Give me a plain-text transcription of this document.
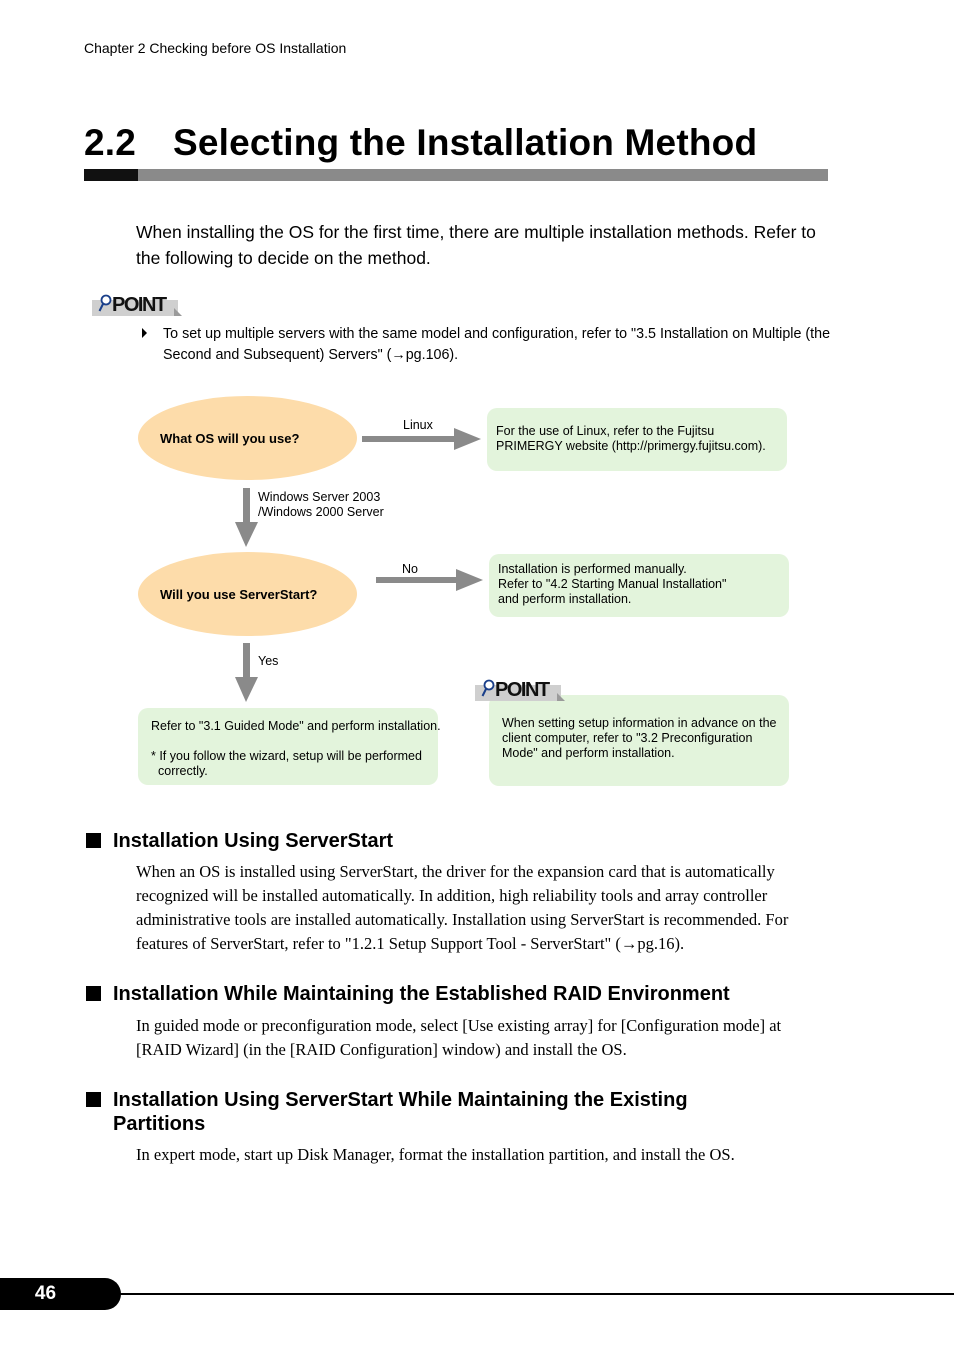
Chapter 2 Checking before OS Installation
2.2 Selecting the Installation Method
When installing the OS for the first time, there are multiple installation methods. Refer to the following to decide on the method.
POINT
To set up multiple servers with the same model and configuration, refer to "3.5 Installation on Multiple (the Second and Subsequent) Servers" (→pg.106).
What OS will you use?
Linux	For the use of Linux, refer to the Fujitsu PRIMERGY website (http://primergy.fujitsu.com).
Windows Server 2003
/Windows 2000 Server
Will you use ServerStart?
No	Installation is performed manually.
Refer to "4.2 Starting Manual Installation"
and perform installation.
Yes
Refer to "3.1 Guided Mode" and perform installation.
* If you follow the wizard, setup will be performed correctly.
When setting setup information in advance on the client computer, refer to "3.2 Preconfiguration Mode" and perform installation.
POINT
Installation Using ServerStart
When an OS is installed using ServerStart, the driver for the expansion card that is automatically recognized will be installed automatically. In addition, high reliability tools and array controller administrative tools are installed automatically. Installation using ServerStart is recommended. For features of ServerStart, refer to "1.2.1 Setup Support Tool - ServerStart" (→pg.16).
Installation While Maintaining the Established RAID Environment
In guided mode or preconfiguration mode, select [Use existing array] for [Configuration mode] at [RAID Wizard] (in the [RAID Configuration] window) and install the OS.
Installation Using ServerStart While Maintaining the Existing Partitions
In expert mode, start up Disk Manager, format the installation partition, and install the OS.
46
